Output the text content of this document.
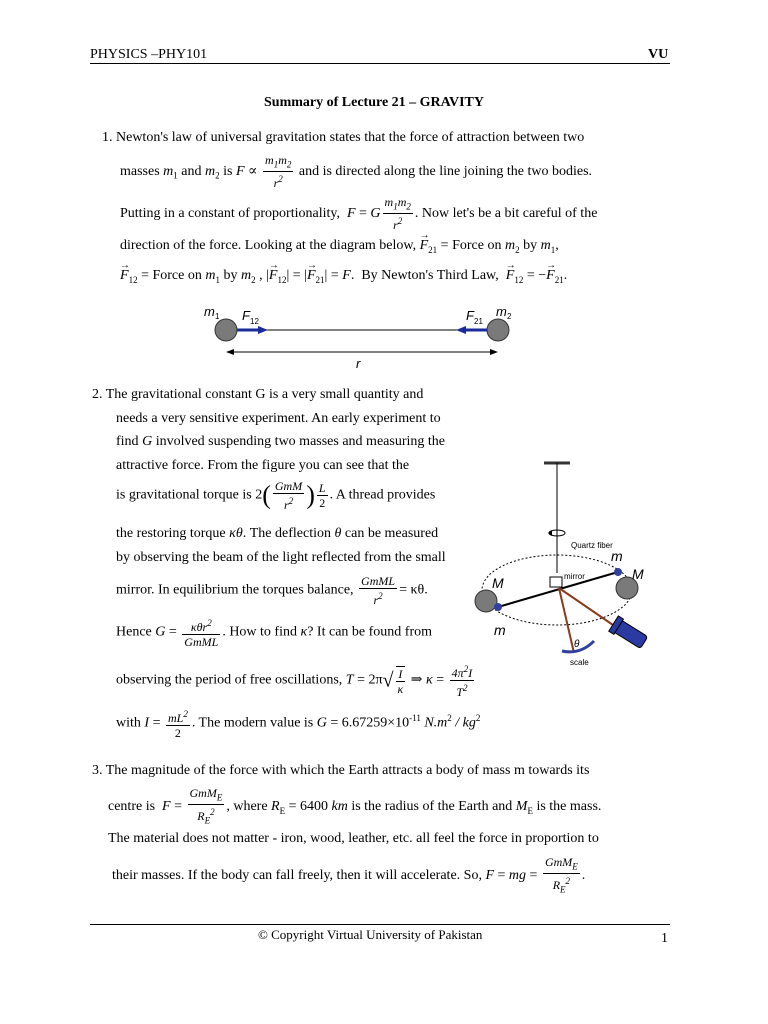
PHYSICS –PHY101	VU
Summary of Lecture 21 – GRAVITY
1. Newton's law of universal gravitation states that the force of attraction between two
masses $m_1$ and $m_2$ is $F \propto \frac{m_1m_2}{r^2}$ and is directed along the line joining the two bodies.
Putting in a constant of proportionality, F = G $\frac{m_1m_2}{r^2}$ . Now let's be a bit careful of the
direction of the force. Looking at the diagram below, → $F_{21}$ = Force on $m_2$ by $m_1$,
→ $F_{12}$ = Force on $m_1$ by $m_2$ , |→ $F_{12}|$ = |→ $F_{21}| = F$.  By Newton's Third Law, → $F_{12}$ = −→ $F_{21}$.
m 1 F 12	F 21
m 2
r
2. The gravitational constant G is a very small quantity and
needs a very sensitive experiment. An early experiment to
find G involved suspending two masses and measuring the
attractive force. From the figure you can see that the
is gravitational torque is $2( \frac{\text{GmM}}{r^2}$ ) $\frac{L}{2}$ . A thread provides
the restoring torque κθ. The deflection θ can be measured
by observing the beam of the light reflected from the small
mirror. In equilibrium the torques balance, $\frac{\text{GmML}}{r^2} = \kappa\theta$.
Hence $G = \frac{\kappa\theta r^2}{\text{GmML}}$ . How to find κ? It can be found from
observing the period of free oscillations, $T = 2\pi√ \frac{I}{\kappa}$ ⇒ $\kappa = \frac{4\pi^2I}{T^2}$
with $I = \frac{mL^2}{2}$ . The modern value is $G = 6.67259\times 10^{-11}$ $N.m^2 / kg^2$
Quartz fiber
mirror
scale
θ
M
M
m
m
3. The magnitude of the force with which the Earth attracts a body of mass m towards its
centre is $F = \frac{GmM_E}{R_E^2}$ , where $R_E = 6400$ km is the radius of the Earth and $M_E$ is the mass.
The material does not matter - iron, wood, leather, etc. all feel the force in proportion to
their masses. If the body can fall freely, then it will accelerate. So, F = mg = $\frac{GmM_E}{R_E^2}$ .
© Copyright Virtual University of Pakistan	1
